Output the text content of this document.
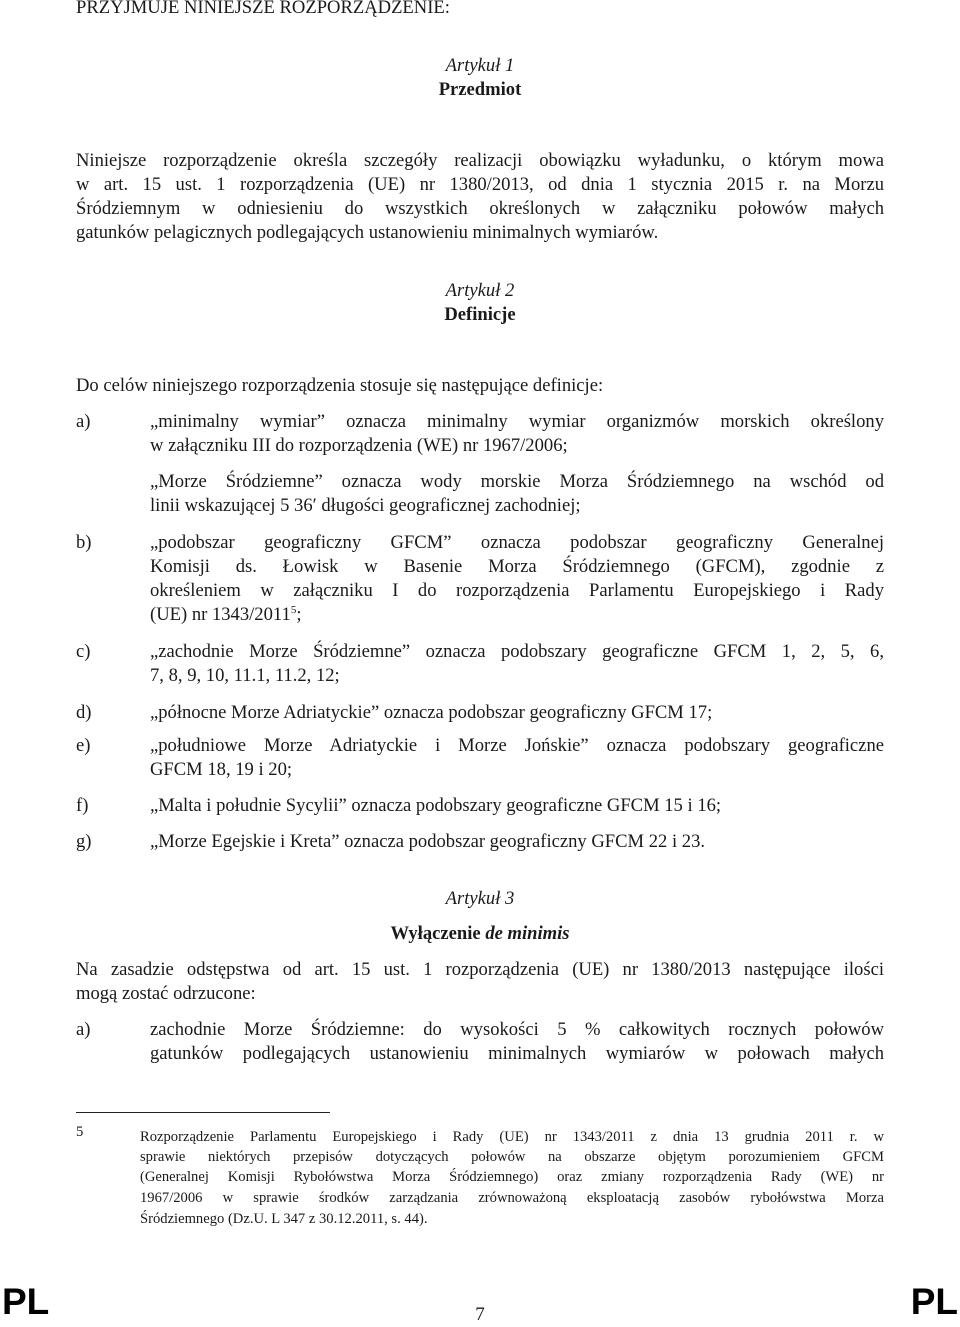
PRZYJMUJE NINIEJSZE ROZPORZĄDZENIE:
Artykuł 1
Przedmiot
Niniejsze rozporządzenie określa szczegóły realizacji obowiązku wyładunku, o którym mowa
w art. 15 ust. 1 rozporządzenia (UE) nr 1380/2013, od dnia 1 stycznia 2015 r. na Morzu
Śródziemnym w odniesieniu do wszystkich określonych w załączniku połowów małych
gatunków pelagicznych podlegających ustanowieniu minimalnych wymiarów.
Artykuł 2
Definicje
Do celów niniejszego rozporządzenia stosuje się następujące definicje:
a)	„minimalny wymiar” oznacza minimalny wymiar organizmów morskich określony
w załączniku III do rozporządzenia (WE) nr 1967/2006;
„Morze Śródziemne” oznacza wody morskie Morza Śródziemnego na wschód od
linii wskazującej 5 36′ długości geograficznej zachodniej;
b)	„podobszar geograficzny GFCM” oznacza podobszar geograficzny Generalnej
Komisji ds. Łowisk w Basenie Morza Śródziemnego (GFCM), zgodnie z
określeniem w załączniku I do rozporządzenia Parlamentu Europejskiego i Rady
(UE) nr 1343/2011$^5$;
c)	„zachodnie Morze Śródziemne” oznacza podobszary geograficzne GFCM 1, 2, 5, 6,
7, 8, 9, 10, 11.1, 11.2, 12;
d)	„północne Morze Adriatyckie” oznacza podobszar geograficzny GFCM 17;
e)	„południowe Morze Adriatyckie i Morze Jońskie” oznacza podobszary geograficzne
GFCM 18, 19 i 20;
f)	„Malta i południe Sycylii” oznacza podobszary geograficzne GFCM 15 i 16;
g)	„Morze Egejskie i Kreta” oznacza podobszar geograficzny GFCM 22 i 23.
Artykuł 3
Wyłączenie de minimis
Na zasadzie odstępstwa od art. 15 ust. 1 rozporządzenia (UE) nr 1380/2013 następujące ilości
mogą zostać odrzucone:
a)	zachodnie Morze Śródziemne: do wysokości 5 % całkowitych rocznych połowów
gatunków podlegających ustanowieniu minimalnych wymiarów w połowach małych
5	Rozporządzenie Parlamentu Europejskiego i Rady (UE) nr 1343/2011 z dnia 13 grudnia 2011 r. w
sprawie niektórych przepisów dotyczących połowów na obszarze objętym porozumieniem GFCM
(Generalnej Komisji Rybołówstwa Morza Śródziemnego) oraz zmiany rozporządzenia Rady (WE) nr
1967/2006 w sprawie środków zarządzania zrównoważoną eksploatacją zasobów rybołówstwa Morza
Śródziemnego (Dz.U. L 347 z 30.12.2011, s. 44).
PL	7	PL
